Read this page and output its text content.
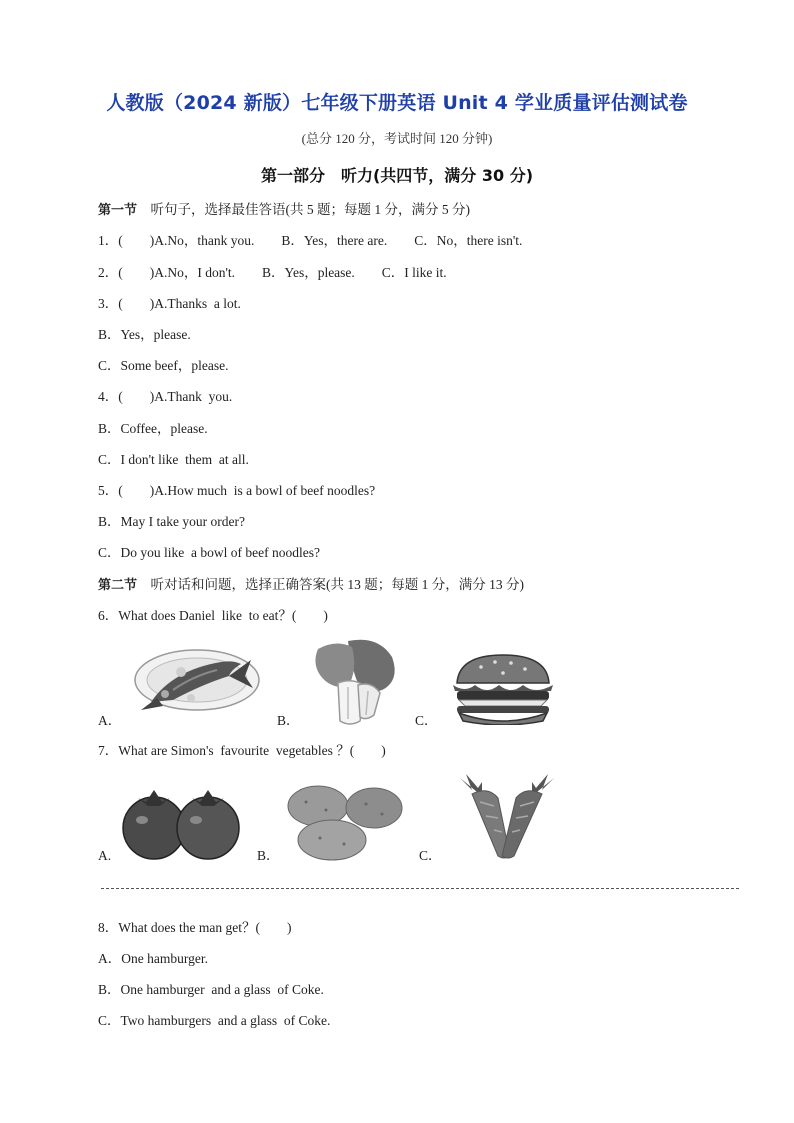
人教版（2024 新版）七年级下册英语 Unit 4 学业质量评估测试卷
(总分 120 分，考试时间 120 分钟)
第一部分　听力(共四节，满分 30 分)
第一节　听句子，选择最佳答语(共 5 题；每题 1 分，满分 5 分)
1．(　　)A.No，thank you.　　B．Yes，there are.　　C．No，there isn't.
2．(　　)A.No，I don't.　　B．Yes，please.　　C．I like it.
3．(　　)A.Thanks  a lot.
B．Yes，please.
C．Some beef，please.
4．(　　)A.Thank  you.
B．Coffee，please.
C．I don't like  them  at all.
5．(　　)A.How much  is a bowl of beef noodles?
B．May I take your order?
C．Do you like  a bowl of beef noodles?
第二节　听对话和问题，选择正确答案(共 13 题；每题 1 分，满分 13 分)
6．What does Daniel  like  to eat？(　　)
A．	B．	C．
7．What are Simon's  favourite  vegetables ？(　　)
A.	B．	C．
8．What does the man get？(　　)
A．One hamburger.
B．One hamburger  and a glass  of Coke.
C．Two hamburgers  and a glass  of Coke.
